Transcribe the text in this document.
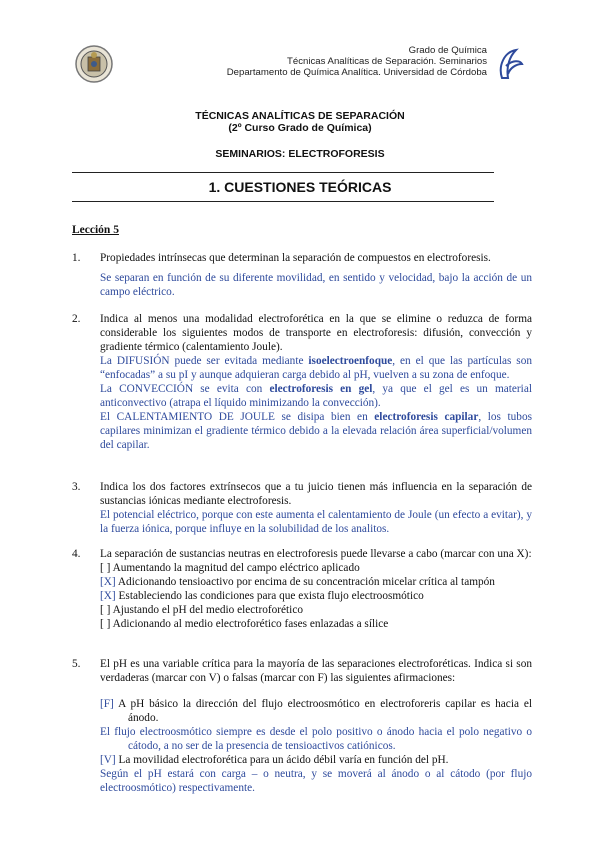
Grado de Química
Técnicas Analíticas de Separación. Seminarios
Departamento de Química Analítica. Universidad de Córdoba
TÉCNICAS ANALÍTICAS DE SEPARACIÓN
(2º Curso Grado de Química)
SEMINARIOS: ELECTROFORESIS
1. CUESTIONES TEÓRICAS
Lección 5
1. Propiedades intrínsecas que determinan la separación de compuestos en electroforesis.
Se separan en función de su diferente movilidad, en sentido y velocidad, bajo la acción de un campo eléctrico.
2. Indica al menos una modalidad electroforética en la que se elimine o reduzca de forma considerable los siguientes modos de transporte en electroforesis: difusión, convección y gradiente térmico (calentamiento Joule).
La DIFUSIÓN puede ser evitada mediante isoelectroenfoque, en el que las partículas son “enfocadas” a su pI y aunque adquieran carga debido al pH, vuelven a su zona de enfoque.
La CONVECCIÓN se evita con electroforesis en gel, ya que el gel es un material anticonvectivo (atrapa el líquido minimizando la convección).
El CALENTAMIENTO DE JOULE se disipa bien en electroforesis capilar, los tubos capilares minimizan el gradiente térmico debido a la elevada relación área superficial/volumen del capilar.
3. Indica los dos factores extrínsecos que a tu juicio tienen más influencia en la separación de sustancias iónicas mediante electroforesis.
El potencial eléctrico, porque con este aumenta el calentamiento de Joule (un efecto a evitar), y la fuerza iónica, porque influye en la solubilidad de los analitos.
4. La separación de sustancias neutras en electroforesis puede llevarse a cabo (marcar con una X):
[ ] Aumentando la magnitud del campo eléctrico aplicado
[X] Adicionando tensioactivo por encima de su concentración micelar crítica al tampón
[X] Estableciendo las condiciones para que exista flujo electroosmótico
[ ] Ajustando el pH del medio electroforético
[ ] Adicionando al medio electroforético fases enlazadas a sílice
5. El pH es una variable crítica para la mayoría de las separaciones electroforéticas. Indica si son verdaderas (marcar con V) o falsas (marcar con F) las siguientes afirmaciones:
[F] A pH básico la dirección del flujo electroosmótico en electroforeris capilar es hacia el ánodo.
El flujo electroosmótico siempre es desde el polo positivo o ánodo hacia el polo negativo o cátodo, a no ser de la presencia de tensioactivos catiónicos.
[V] La movilidad electroforética para un ácido débil varía en función del pH.
Según el pH estará con carga – o neutra, y se moverá al ánodo o al cátodo (por flujo electroosmótico) respectivamente.
